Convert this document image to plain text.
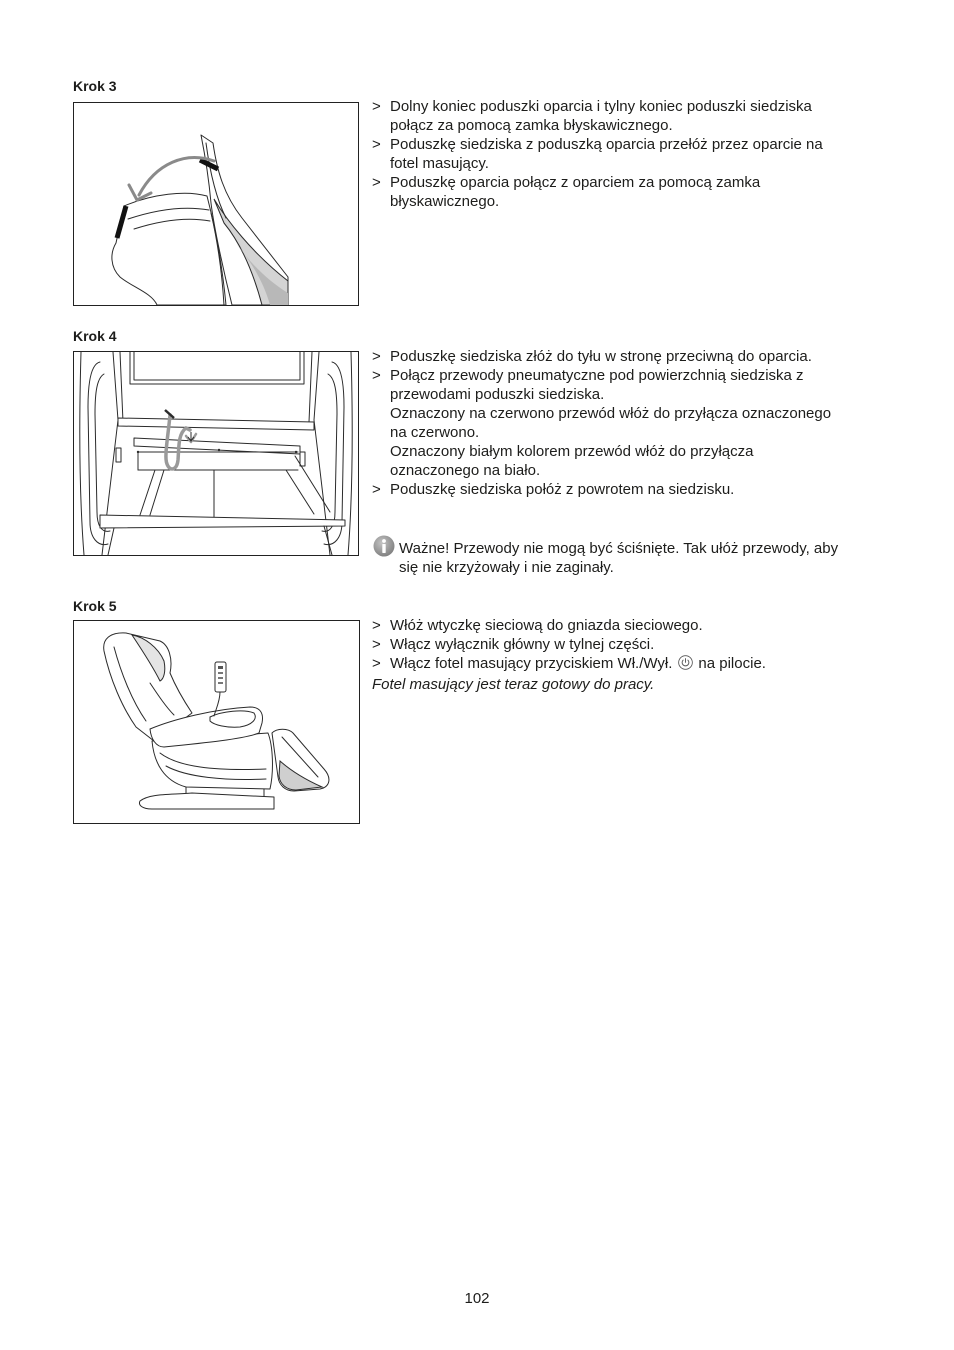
Krok 3
> Dolny koniec poduszki oparcia i tylny koniec poduszki siedziska
połącz za pomocą zamka błyskawicznego.
> Poduszkę siedziska z poduszką oparcia przełóż przez oparcie na
fotel masujący.
> Poduszkę oparcia połącz z oparciem za pomocą zamka
błyskawicznego.
Krok 4
> Poduszkę siedziska złóż do tyłu w stronę przeciwną do oparcia.
> Połącz przewody pneumatyczne pod powierzchnią siedziska z
przewodami poduszki siedziska.
Oznaczony na czerwono przewód włóż do przyłącza oznaczonego
na czerwono.
Oznaczony białym kolorem przewód włóż do przyłącza
oznaczonego na biało.
> Poduszkę siedziska połóż z powrotem na siedzisku.
Ważne! Przewody nie mogą być ściśnięte. Tak ułóż przewody, aby
się nie krzyżowały i nie zaginały.
Krok 5
> Włóż wtyczkę sieciową do gniazda sieciowego.
> Włącz wyłącznik główny w tylnej części.
> Włącz fotel masujący przyciskiem Wł./Wył. na pilocie.
Fotel masujący jest teraz gotowy do pracy.
102
